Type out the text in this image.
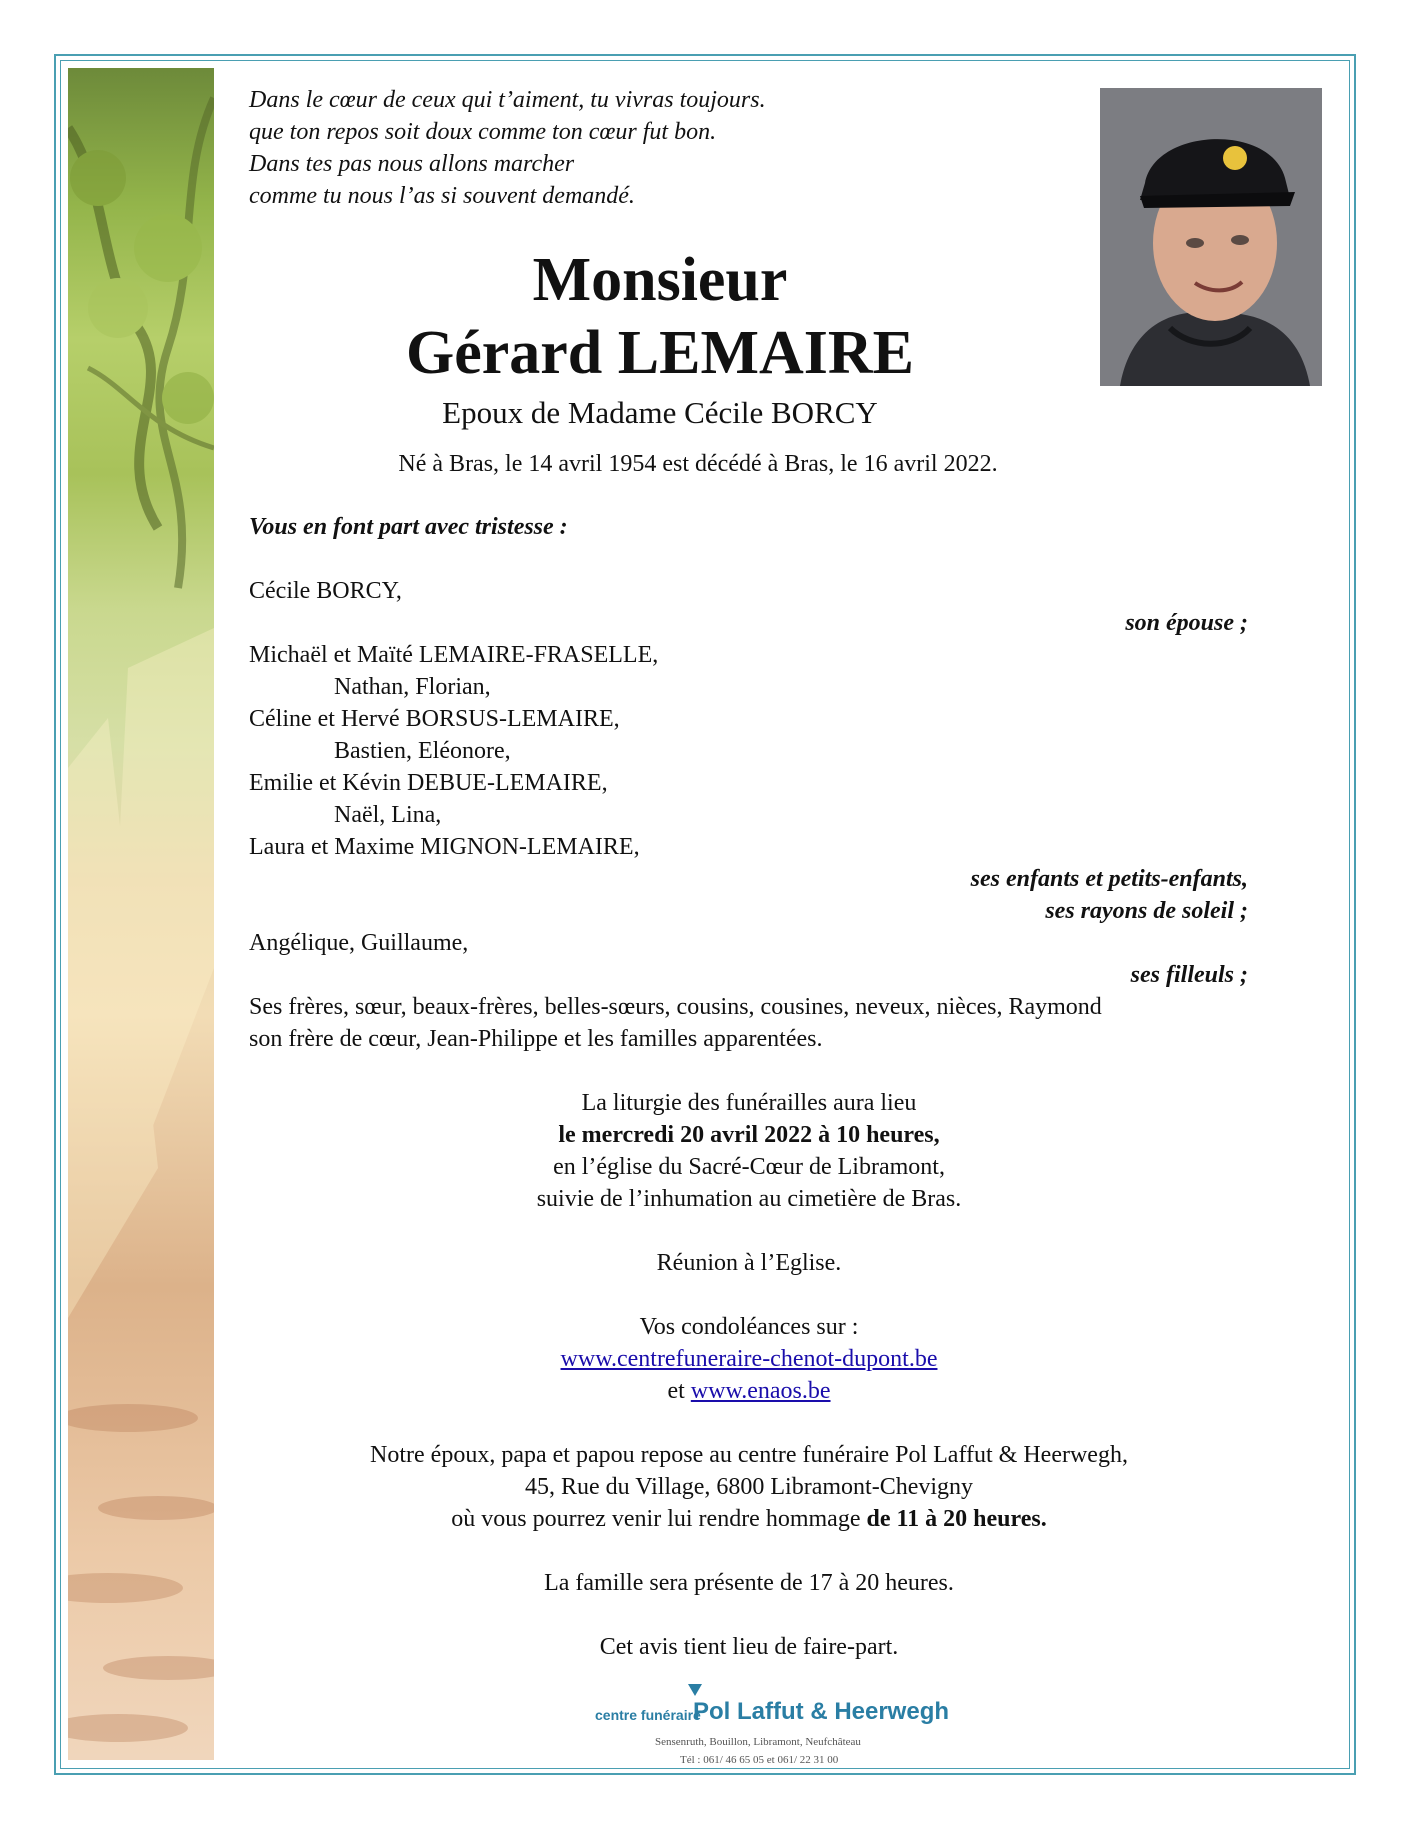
Dans le cœur de ceux qui t’aiment, tu vivras toujours.
que ton repos soit doux comme ton cœur fut bon.
Dans tes pas nous allons marcher
comme tu nous l’as si souvent demandé.
Monsieur
Gérard LEMAIRE
Epoux de Madame Cécile BORCY
Né à Bras, le 14 avril 1954 est décédé à Bras, le 16 avril 2022.
Vous en font part avec tristesse :
Cécile BORCY,
son épouse ;
Michaël et Maïté LEMAIRE-FRASELLE,
Nathan, Florian,
Céline et Hervé BORSUS-LEMAIRE,
Bastien, Eléonore,
Emilie et Kévin DEBUE-LEMAIRE,
Naël, Lina,
Laura et Maxime MIGNON-LEMAIRE,
ses enfants et petits-enfants,
ses rayons de soleil ;
Angélique, Guillaume,
ses filleuls ;
Ses frères, sœur, beaux-frères, belles-sœurs, cousins, cousines, neveux, nièces, Raymond
son frère de cœur, Jean-Philippe et les familles apparentées.
La liturgie des funérailles aura lieu
le mercredi 20 avril 2022 à 10 heures,
en l’église du Sacré-Cœur de Libramont,
suivie de l’inhumation au cimetière de Bras.
Réunion à l’Eglise.
Vos condoléances sur :
www.centrefuneraire-chenot-dupont.be
et www.enaos.be
Notre époux, papa et papou repose au centre funéraire Pol Laffut & Heerwegh,
45, Rue du Village, 6800 Libramont-Chevigny
où vous pourrez venir lui rendre hommage de 11 à 20 heures.
La famille sera présente de 17 à 20 heures.
Cet avis tient lieu de faire-part.
centre funéraire
Pol Laffut & Heerwegh
Sensenruth, Bouillon, Libramont, Neufchâteau
Tél : 061/ 46 65 05 et 061/ 22 31 00
